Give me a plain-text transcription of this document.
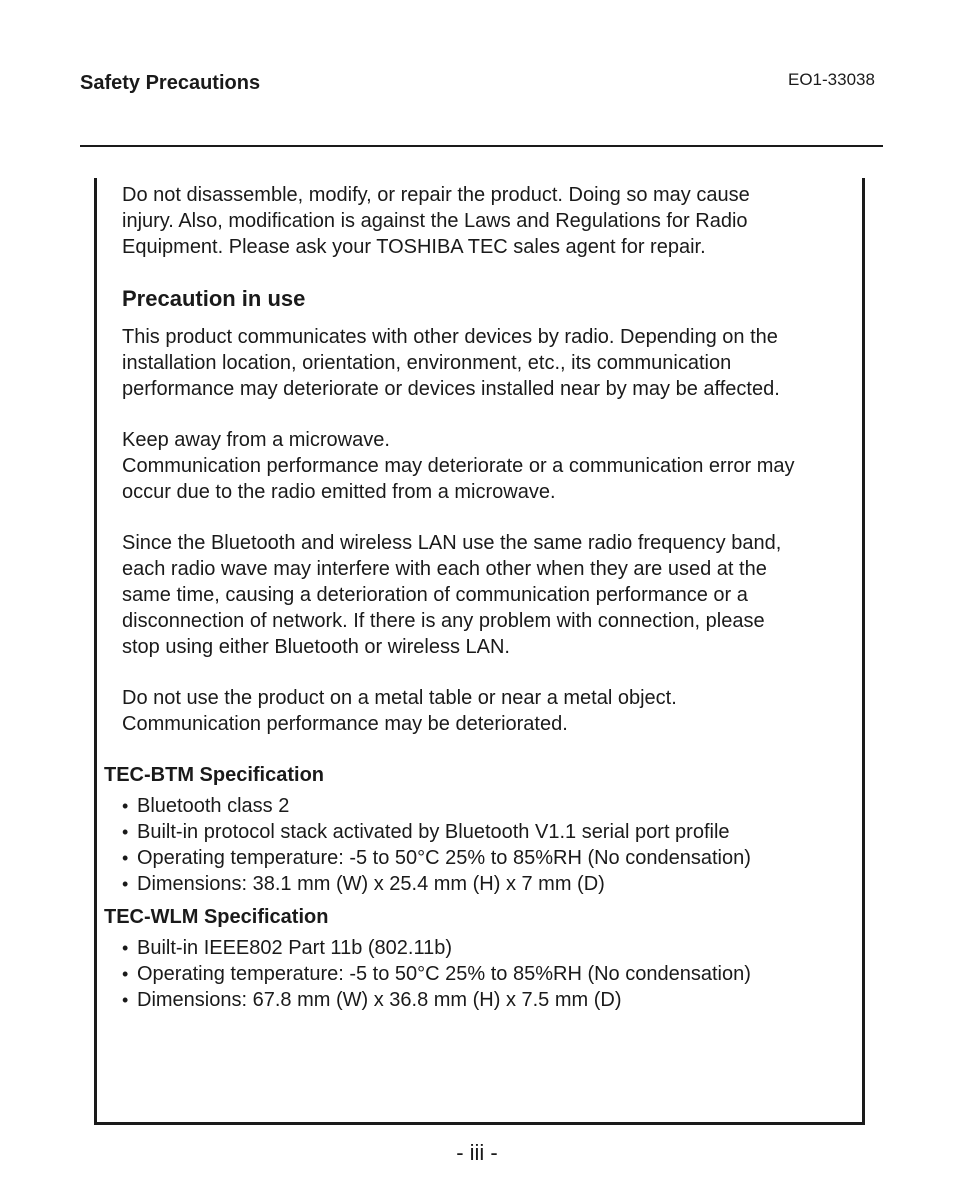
Safety Precautions	EO1-33038
Do not disassemble, modify, or repair the product. Doing so may cause
injury. Also, modification is against the Laws and Regulations for Radio
Equipment. Please ask your TOSHIBA TEC sales agent for repair.
Precaution in use
This product communicates with other devices by radio. Depending on the
installation location, orientation, environment, etc., its communication
performance may deteriorate or devices installed near by may be affected.
Keep away from a microwave.
Communication performance may deteriorate or a communication error may
occur due to the radio emitted from a microwave.
Since the Bluetooth and wireless LAN use the same radio frequency band,
each radio wave may interfere with each other when they are used at the
same time, causing a deterioration of communication performance or a
disconnection of network. If there is any problem with connection, please
stop using either Bluetooth or wireless LAN.
Do not use the product on a metal table or near a metal object.
Communication performance may be deteriorated.
TEC-BTM Specification
• Bluetooth class 2
• Built-in protocol stack activated by Bluetooth V1.1 serial port profile
• Operating temperature: -5 to 50°C 25% to 85%RH (No condensation)
• Dimensions: 38.1 mm (W) x 25.4 mm (H) x 7 mm (D)
TEC-WLM Specification
• Built-in IEEE802 Part 11b (802.11b)
• Operating temperature: -5 to 50°C 25% to 85%RH (No condensation)
• Dimensions: 67.8 mm (W) x 36.8 mm (H) x 7.5 mm (D)
- iii -
